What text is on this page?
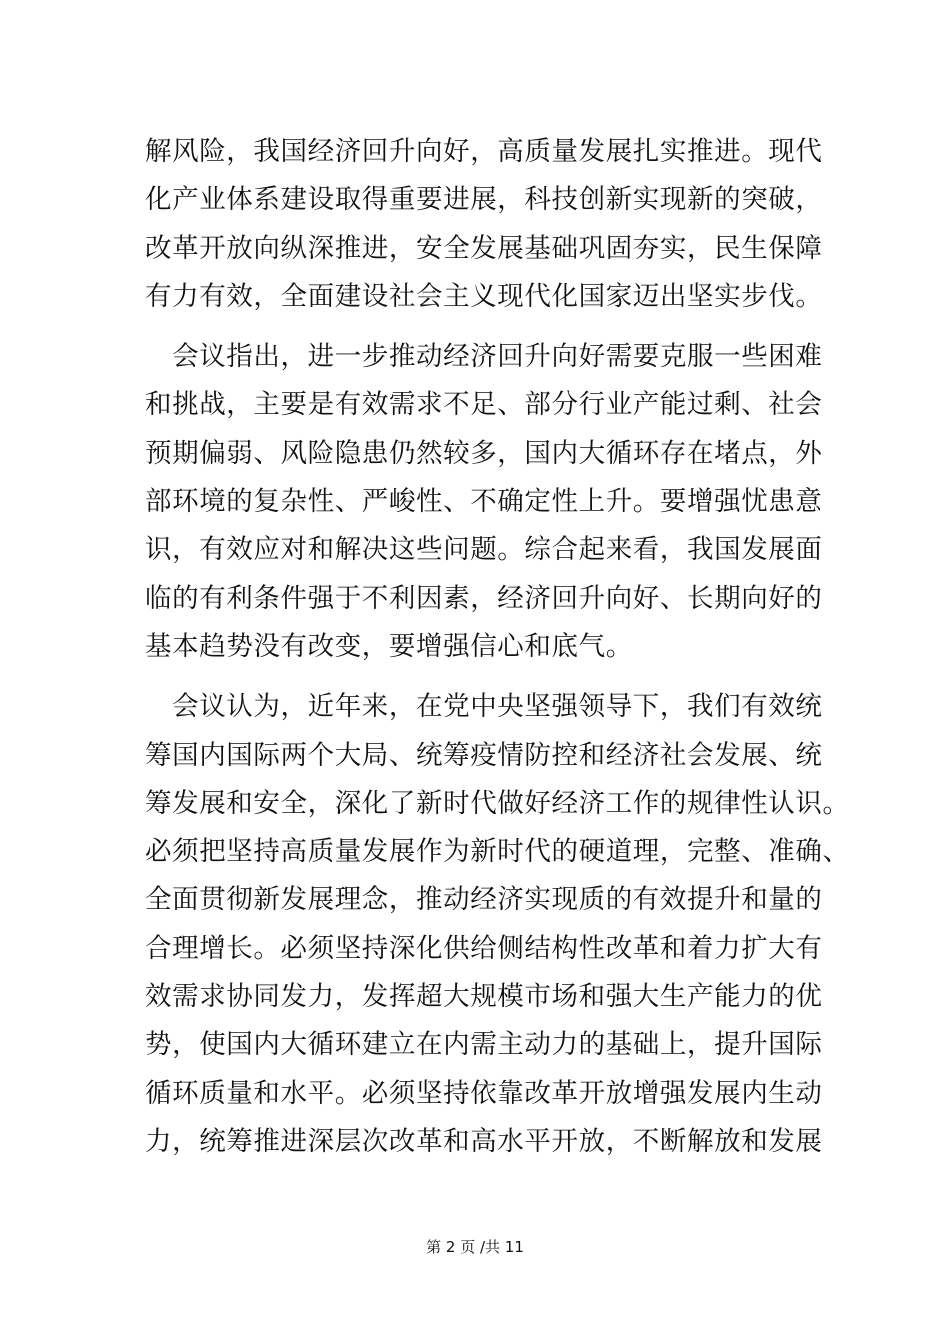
解风险，我国经济回升向好，高质量发展扎实推进。现代
化产业体系建设取得重要进展，科技创新实现新的突破，
改革开放向纵深推进，安全发展基础巩固夯实，民生保障
有力有效，全面建设社会主义现代化国家迈出坚实步伐。
　会议指出，进一步推动经济回升向好需要克服一些困难
和挑战，主要是有效需求不足、部分行业产能过剩、社会
预期偏弱、风险隐患仍然较多，国内大循环存在堵点，外
部环境的复杂性、严峻性、不确定性上升。要增强忧患意
识，有效应对和解决这些问题。综合起来看，我国发展面
临的有利条件强于不利因素，经济回升向好、长期向好的
基本趋势没有改变，要增强信心和底气。
　会议认为，近年来，在党中央坚强领导下，我们有效统
筹国内国际两个大局、统筹疫情防控和经济社会发展、统
筹发展和安全，深化了新时代做好经济工作的规律性认识。
必须把坚持高质量发展作为新时代的硬道理，完整、准确、
全面贯彻新发展理念，推动经济实现质的有效提升和量的
合理增长。必须坚持深化供给侧结构性改革和着力扩大有
效需求协同发力，发挥超大规模市场和强大生产能力的优
势，使国内大循环建立在内需主动力的基础上，提升国际
循环质量和水平。必须坚持依靠改革开放增强发展内生动
力，统筹推进深层次改革和高水平开放，不断解放和发展
第 2 页 /共 11
